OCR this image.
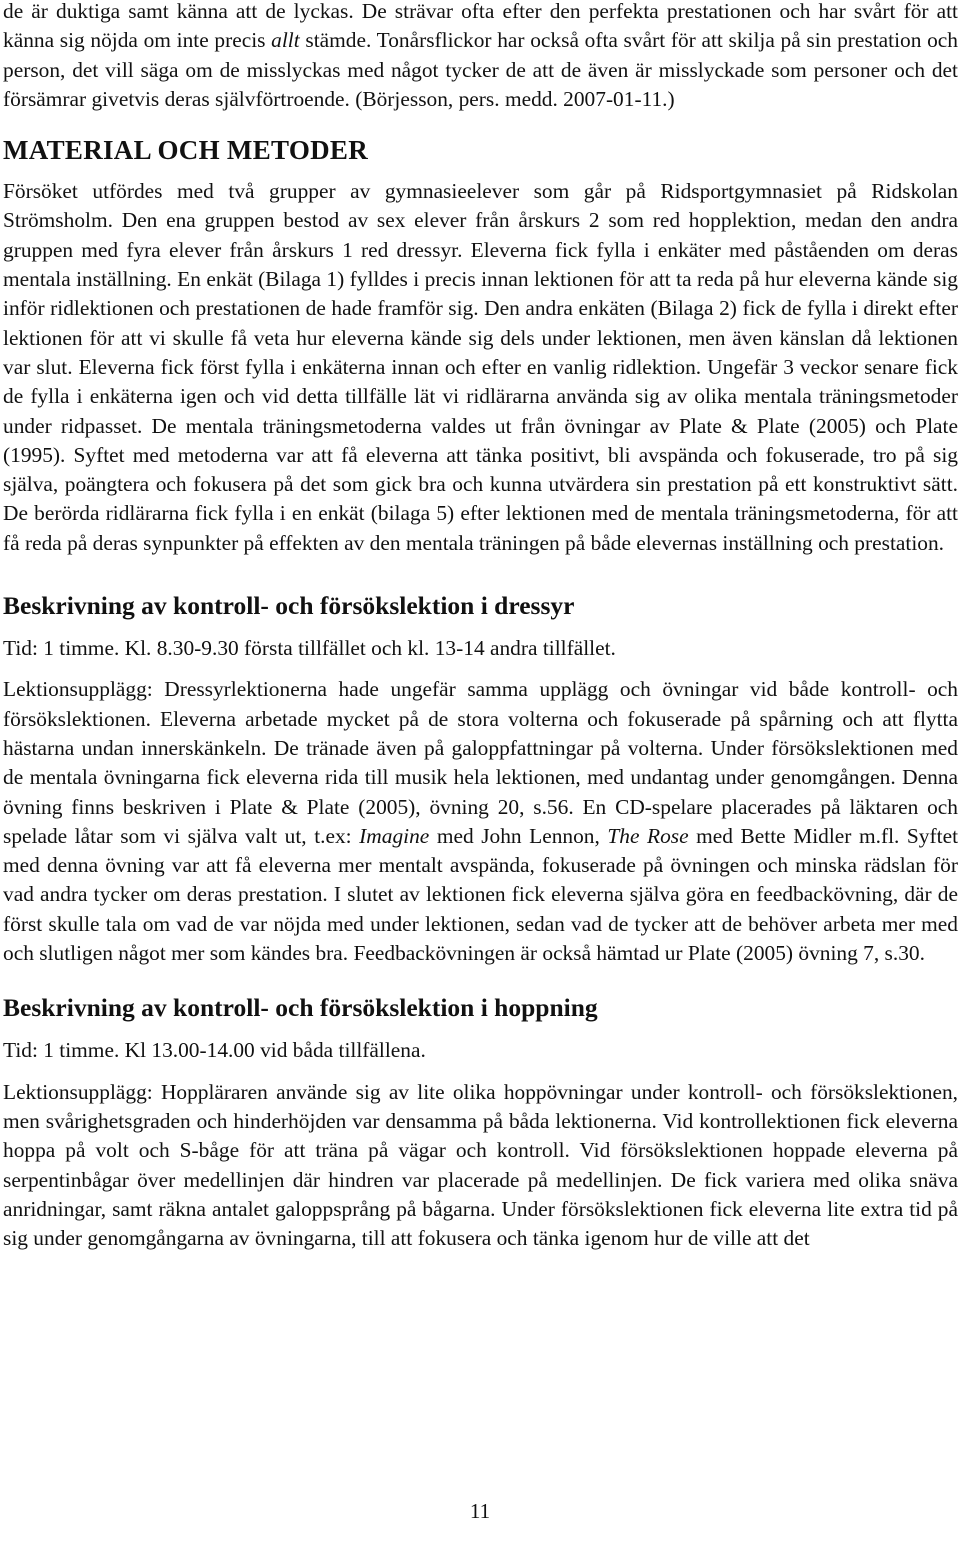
de är duktiga samt känna att de lyckas. De strävar ofta efter den perfekta prestationen och har svårt för att känna sig nöjda om inte precis allt stämde. Tonårsflickor har också ofta svårt för att skilja på sin prestation och person, det vill säga om de misslyckas med något tycker de att de även är misslyckade som personer och det försämrar givetvis deras självförtroende. (Börjesson, pers. medd. 2007-01-11.)

MATERIAL OCH METODER

Försöket utfördes med två grupper av gymnasieelever som går på Ridsportgymnasiet på Ridskolan Strömsholm. Den ena gruppen bestod av sex elever från årskurs 2 som red hopplektion, medan den andra gruppen med fyra elever från årskurs 1 red dressyr. Eleverna fick fylla i enkäter med påståenden om deras mentala inställning. En enkät (Bilaga 1) fylldes i precis innan lektionen för att ta reda på hur eleverna kände sig inför ridlektionen och prestationen de hade framför sig. Den andra enkäten (Bilaga 2) fick de fylla i direkt efter lektionen för att vi skulle få veta hur eleverna kände sig dels under lektionen, men även känslan då lektionen var slut. Eleverna fick först fylla i enkäterna innan och efter en vanlig ridlektion. Ungefär 3 veckor senare fick de fylla i enkäterna igen och vid detta tillfälle lät vi ridlärarna använda sig av olika mentala träningsmetoder under ridpasset. De mentala träningsmetoderna valdes ut från övningar av Plate & Plate (2005) och Plate (1995). Syftet med metoderna var att få eleverna att tänka positivt, bli avspända och fokuserade, tro på sig själva, poängtera och fokusera på det som gick bra och kunna utvärdera sin prestation på ett konstruktivt sätt. De berörda ridlärarna fick fylla i en enkät (bilaga 5) efter lektionen med de mentala träningsmetoderna, för att få reda på deras synpunkter på effekten av den mentala träningen på både elevernas inställning och prestation.

Beskrivning av kontroll- och försökslektion i dressyr

Tid: 1 timme. Kl. 8.30-9.30 första tillfället och kl. 13-14 andra tillfället.

Lektionsupplägg: Dressyrlektionerna hade ungefär samma upplägg och övningar vid både kontroll- och försökslektionen. Eleverna arbetade mycket på de stora volterna och fokuserade på spårning och att flytta hästarna undan innerskänkeln. De tränade även på galoppfattningar på volterna. Under försökslektionen med de mentala övningarna fick eleverna rida till musik hela lektionen, med undantag under genomgången. Denna övning finns beskriven i Plate & Plate (2005), övning 20, s.56. En CD-spelare placerades på läktaren och spelade låtar som vi själva valt ut, t.ex: Imagine med John Lennon, The Rose med Bette Midler m.fl. Syftet med denna övning var att få eleverna mer mentalt avspända, fokuserade på övningen och minska rädslan för vad andra tycker om deras prestation. I slutet av lektionen fick eleverna själva göra en feedbackövning, där de först skulle tala om vad de var nöjda med under lektionen, sedan vad de tycker att de behöver arbeta mer med och slutligen något mer som kändes bra. Feedbackövningen är också hämtad ur Plate (2005) övning 7, s.30.

Beskrivning av kontroll- och försökslektion i hoppning

Tid: 1 timme. Kl 13.00-14.00 vid båda tillfällena.

Lektionsupplägg: Hoppläraren använde sig av lite olika hoppövningar under kontroll- och försökslektionen, men svårighetsgraden och hinderhöjden var densamma på båda lektionerna. Vid kontrollektionen fick eleverna hoppa på volt och S-båge för att träna på vägar och kontroll. Vid försökslektionen hoppade eleverna på serpentinbågar över medellinjen där hindren var placerade på medellinjen. De fick variera med olika snäva anridningar, samt räkna antalet galoppsprång på bågarna. Under försökslektionen fick eleverna lite extra tid på sig under genomgångarna av övningarna, till att fokusera och tänka igenom hur de ville att det

11
